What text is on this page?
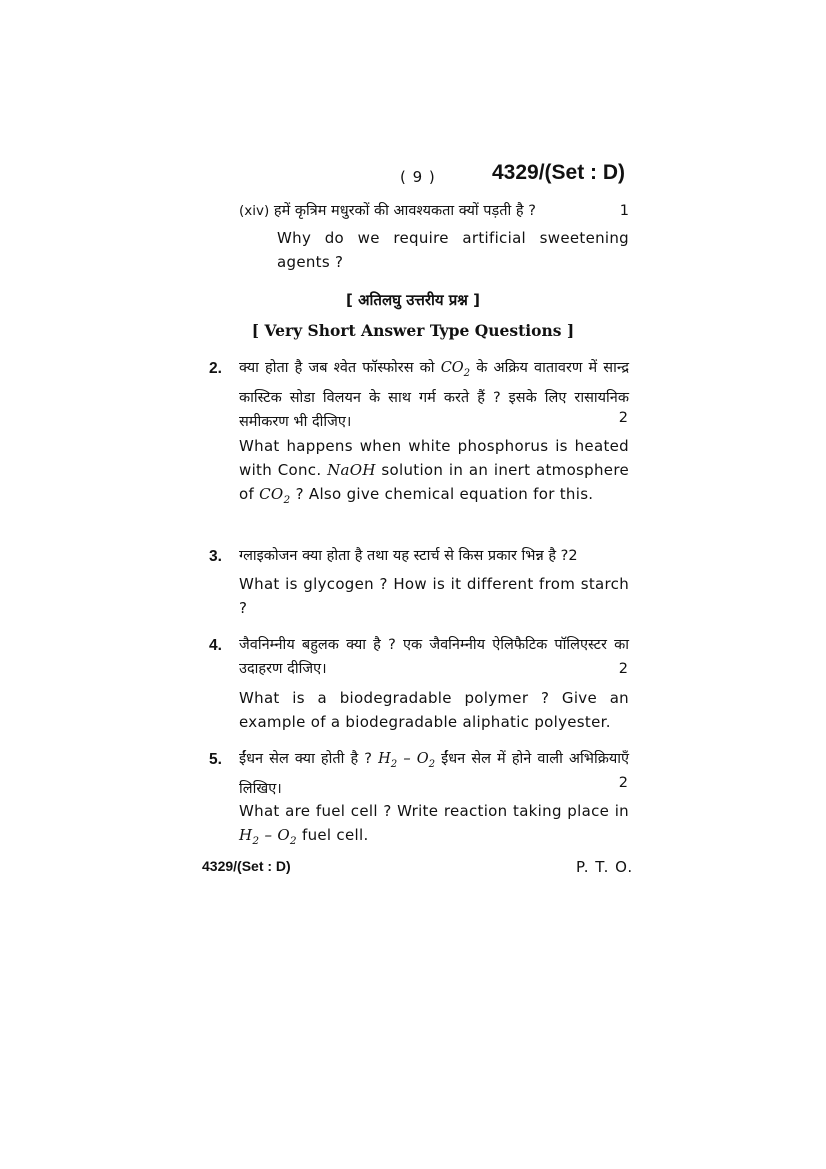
( 9 )	4329/(Set : D)
(xiv) हमें कृत्रिम मधुरकों की आवश्यकता क्यों पड़ती है ?	1
Why do we require artificial sweetening agents ?
[ अतिलघु उत्तरीय प्रश्न ]
[ Very Short Answer Type Questions ]
2. क्या होता है जब श्वेत फॉस्फोरस को $CO_2$ के अक्रिय वातावरण में सान्द्र कास्टिक सोडा विलयन के साथ गर्म करते हैं ? इसके लिए रासायनिक समीकरण भी दीजिए।	2
What happens when white phosphorus is heated with Conc. NaOH solution in an inert atmosphere of $CO_2$ ? Also give chemical equation for this.
3. ग्लाइकोजन क्या होता है तथा यह स्टार्च से किस प्रकार भिन्न है ?2
What is glycogen ? How is it different from starch ?
4. जैवनिम्नीय बहुलक क्या है ? एक जैवनिम्नीय ऐलिफैटिक पॉलिएस्टर का उदाहरण दीजिए।	2
What is a biodegradable polymer ? Give an example of a biodegradable aliphatic polyester.
5. ईंधन सेल क्या होती है ? $H_2 - O_2$ ईंधन सेल में होने वाली अभिक्रियाएँ लिखिए।	2
What are fuel cell ? Write reaction taking place in $H_2 - O_2$ fuel cell.
4329/(Set : D)	P. T. O.
